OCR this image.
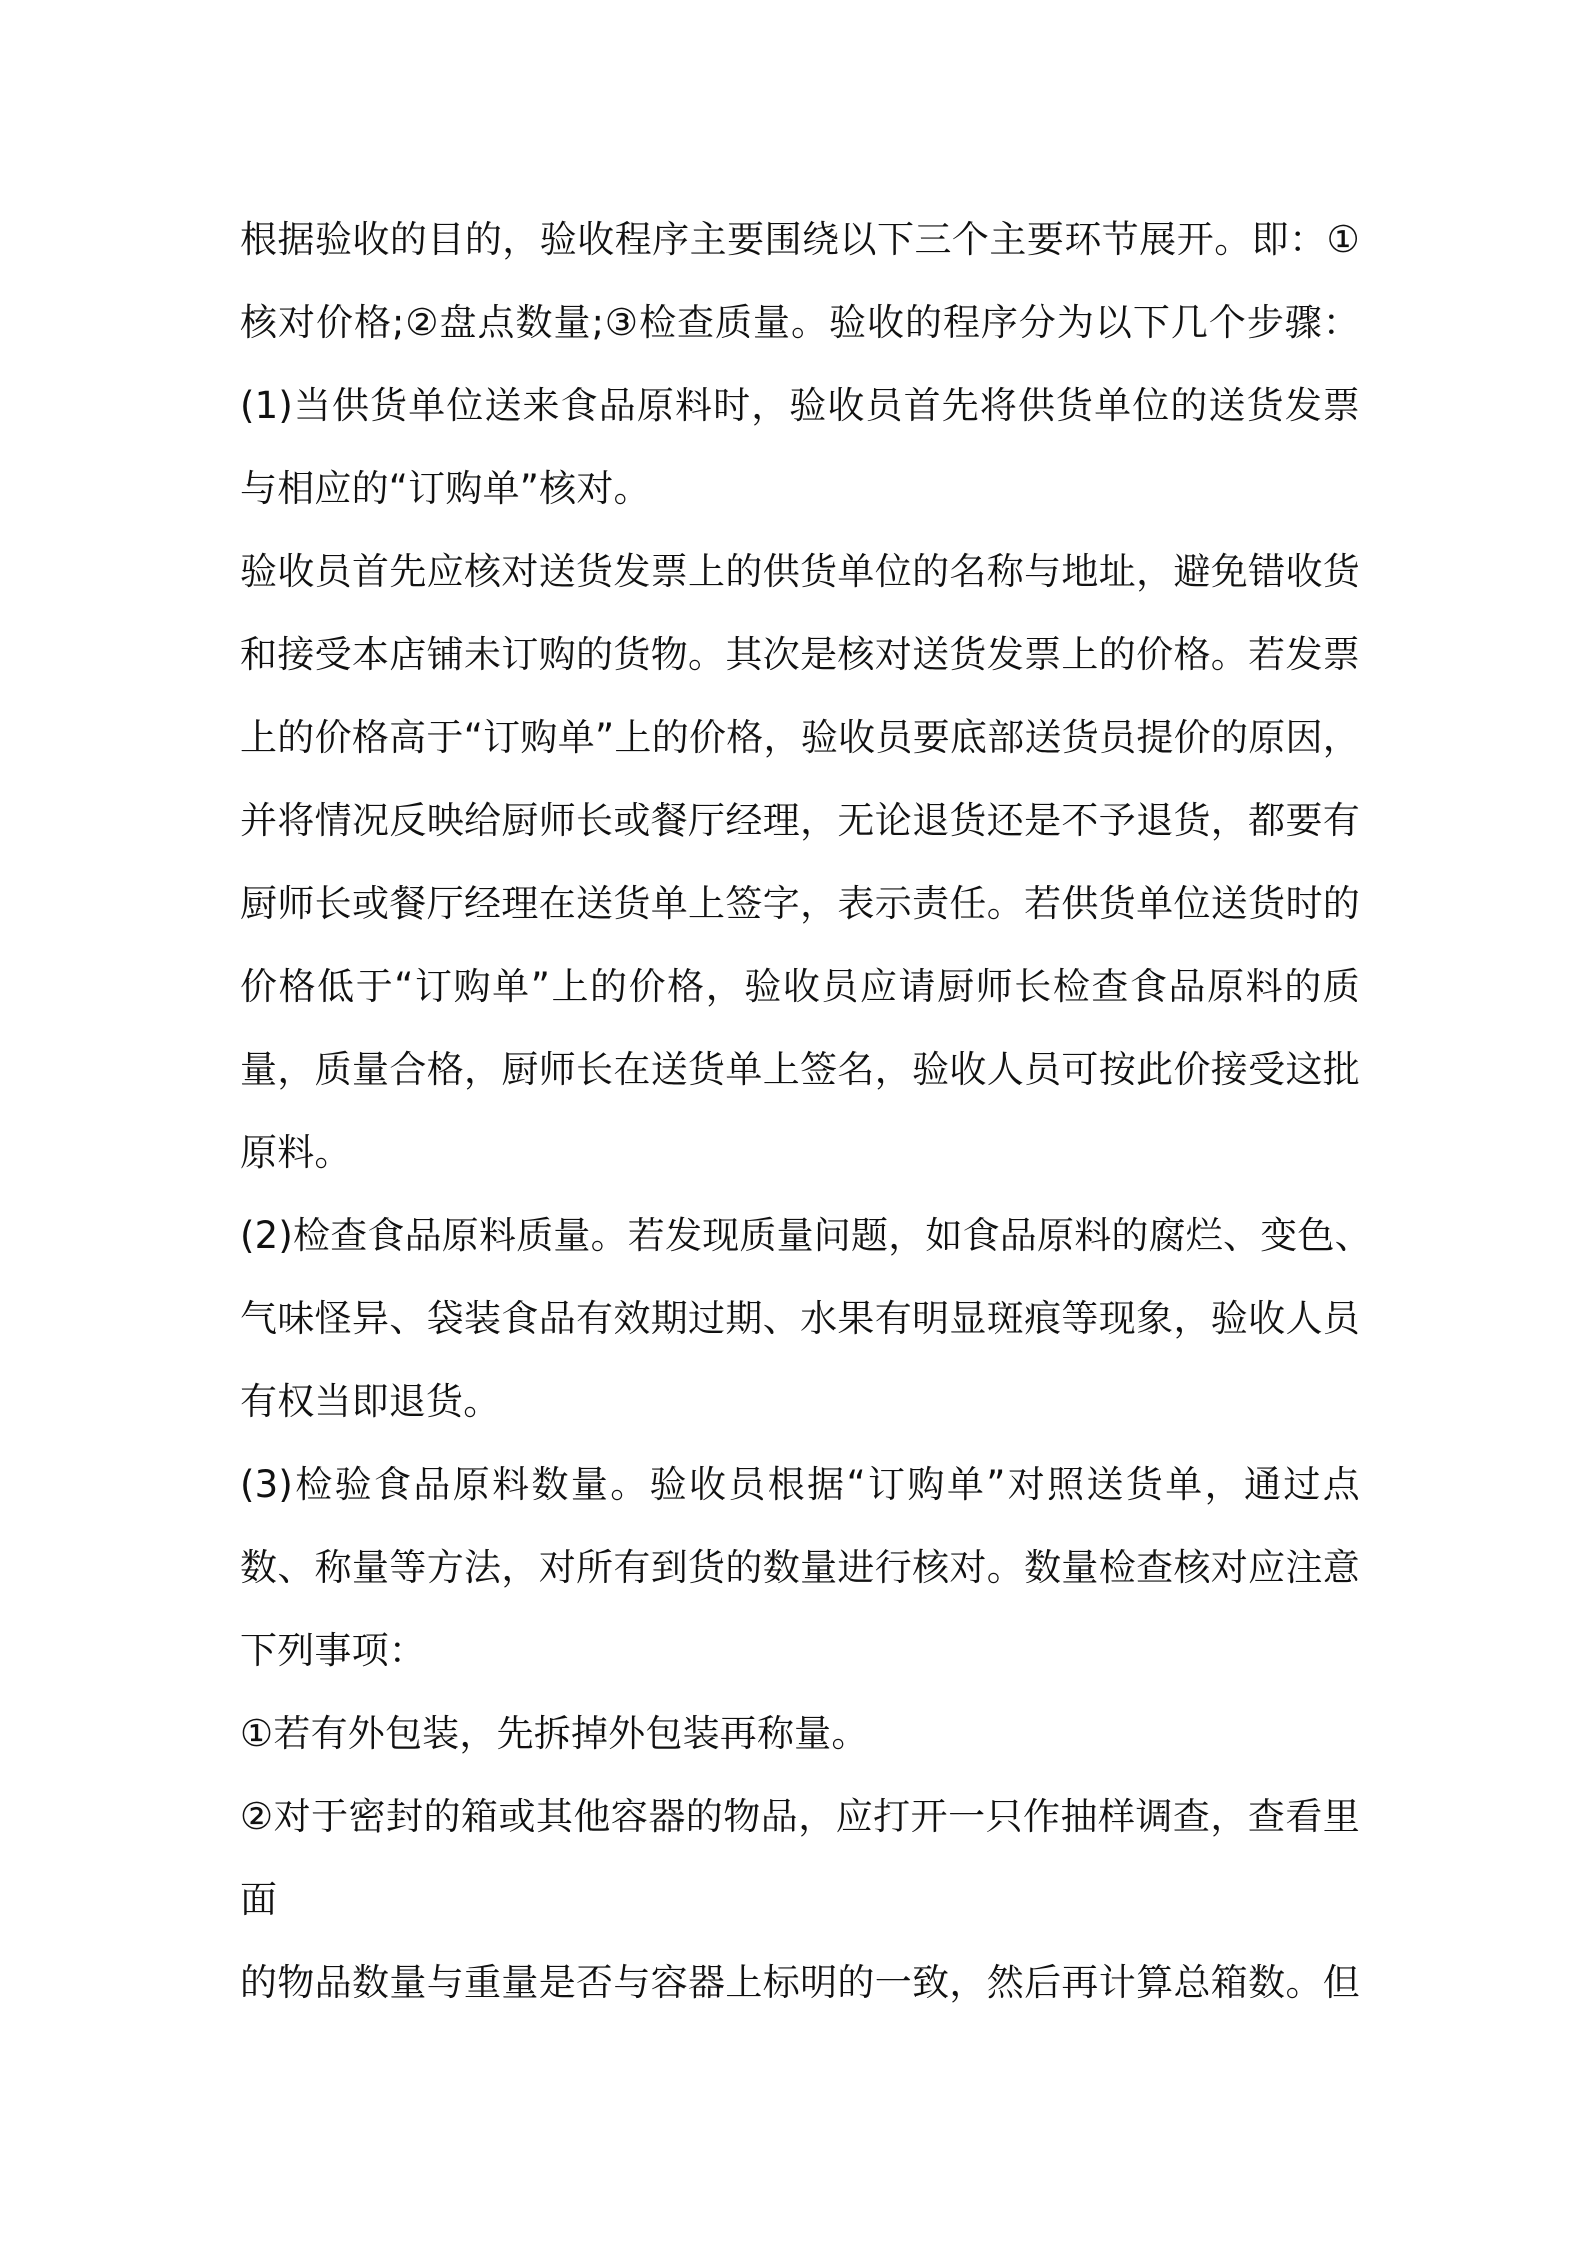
根据验收的目的，验收程序主要围绕以下三个主要环节展开。即：①
核对价格;②盘点数量;③检查质量。验收的程序分为以下几个步骤：
(1)当供货单位送来食品原料时，验收员首先将供货单位的送货发票
与相应的“订购单”核对。
验收员首先应核对送货发票上的供货单位的名称与地址，避免错收货
和接受本店铺未订购的货物。其次是核对送货发票上的价格。若发票
上的价格高于“订购单”上的价格，验收员要底部送货员提价的原因，
并将情况反映给厨师长或餐厅经理，无论退货还是不予退货，都要有
厨师长或餐厅经理在送货单上签字，表示责任。若供货单位送货时的
价格低于“订购单”上的价格，验收员应请厨师长检查食品原料的质
量，质量合格，厨师长在送货单上签名，验收人员可按此价接受这批
原料。
(2)检查食品原料质量。若发现质量问题，如食品原料的腐烂、变色、
气味怪异、袋装食品有效期过期、水果有明显斑痕等现象，验收人员
有权当即退货。
(3)检验食品原料数量。验收员根据“订购单”对照送货单，通过点
数、称量等方法，对所有到货的数量进行核对。数量检查核对应注意
下列事项：
①若有外包装，先拆掉外包装再称量。
②对于密封的箱或其他容器的物品，应打开一只作抽样调查，查看里
面
的物品数量与重量是否与容器上标明的一致，然后再计算总箱数。但
